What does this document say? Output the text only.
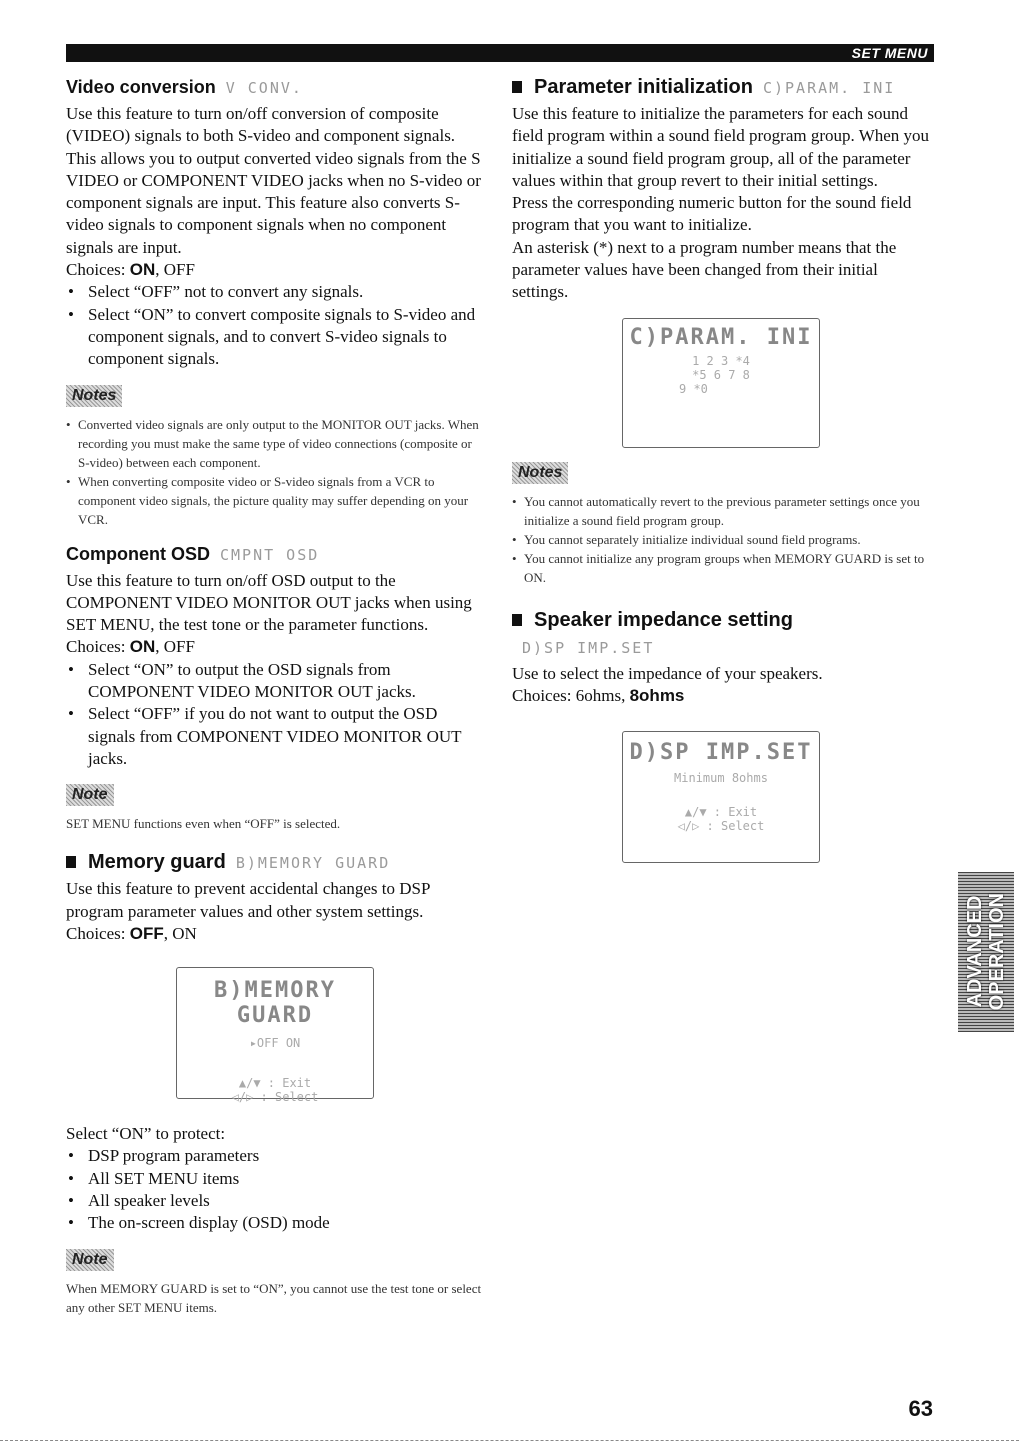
SET MENU
Video conversion V CONV.

Use this feature to turn on/off conversion of composite (VIDEO) signals to both S-video and component signals. This allows you to output converted video signals from the S VIDEO or COMPONENT VIDEO jacks when no S-video or component signals are input. This feature also converts S-video signals to component signals when no component signals are input.

Choices: ON, OFF

• Select “OFF” not to convert any signals.
• Select “ON” to convert composite signals to S-video and component signals, and to convert S-video signals to component signals.
Notes
• Converted video signals are only output to the MONITOR OUT jacks. When recording you must make the same type of video connections (composite or S-video) between each component.
• When converting composite video or S-video signals from a VCR to component video signals, the picture quality may suffer depending on your VCR.
Component OSD CMPNT OSD

Use this feature to turn on/off OSD output to the COMPONENT VIDEO MONITOR OUT jacks when using SET MENU, the test tone or the parameter functions.

Choices: ON, OFF

• Select “ON” to output the OSD signals from COMPONENT VIDEO MONITOR OUT jacks.
• Select “OFF” if you do not want to output the OSD signals from COMPONENT VIDEO MONITOR OUT jacks.
Note

SET MENU functions even when “OFF” is selected.

Memory guard B)MEMORY GUARD

Use this feature to prevent accidental changes to DSP program parameter values and other system settings.

Choices: OFF, ON

B)MEMORY GUARD
▸OFF ON
▲/▼ : Exit
◁/▷ : Select

Select “ON” to protect:

• DSP program parameters
• All SET MENU items
• All speaker levels
• The on-screen display (OSD) mode
Note

When MEMORY GUARD is set to “ON”, you cannot use the test tone or select any other SET MENU items.

Parameter initialization C)PARAM. INI

Use this feature to initialize the parameters for each sound field program within a sound field program group. When you initialize a sound field program group, all of the parameter values within that group revert to their initial settings.

Press the corresponding numeric button for the sound field program that you want to initialize.

An asterisk (*) next to a program number means that the parameter values have been changed from their initial settings.

C)PARAM. INI
1 2 3 *4
*5 6 7 8
9 *0
Notes
• You cannot automatically revert to the previous parameter settings once you initialize a sound field program group.
• You cannot separately initialize individual sound field programs.
• You cannot initialize any program groups when MEMORY GUARD is set to ON.
Speaker impedance setting
D)SP IMP.SET

Use to select the impedance of your speakers.

Choices: 6ohms, 8ohms

D)SP IMP.SET
Minimum 8ohms
▲/▼ : Exit
◁/▷ : Select
ADVANCED
OPERATION
63
